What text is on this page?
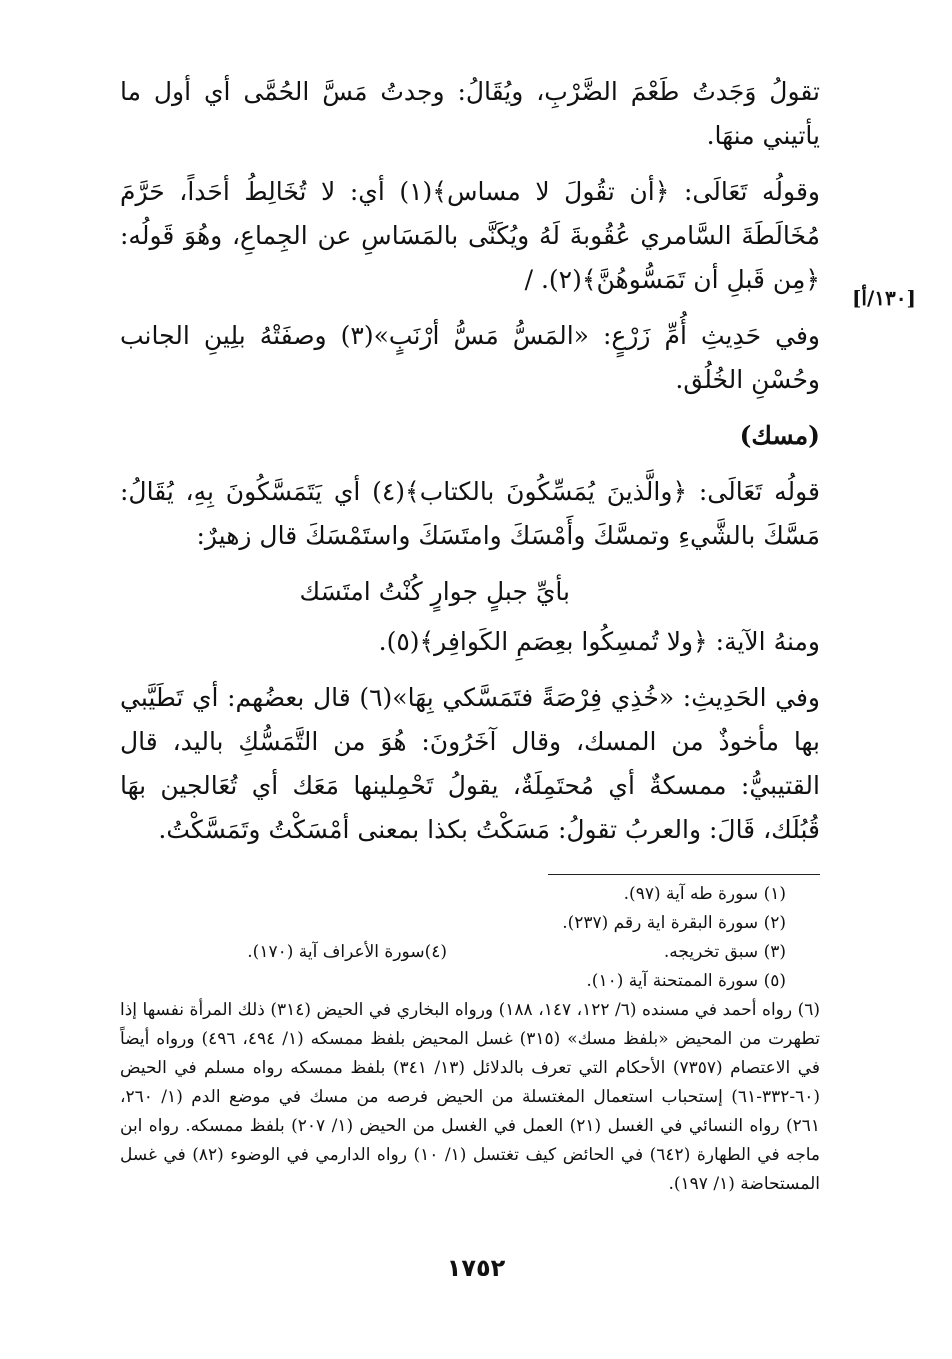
[١٣٠/أ]

تقولُ وَجَدتُ طَعْمَ الضَّرْبِ، ويُقَالُ: وجدتُ مَسَّ الحُمَّى أي أول ما يأتيني منهَا.

وقولُه تَعَالَى: ﴿أن تقُولَ لا مساس﴾(١) أي: لا تُخَالِطُ أحَداً، حَرَّمَ مُخَالَطَةَ السَّامري عُقُوبةَ لَهُ ويُكَنَّى بالمَسَاسِ عن الجِماعِ، وهُوَ قَولُه: ﴿مِن قَبلِ أن تَمَسُّوهُنَّ﴾(٢). /

وفي حَدِيثِ أُمِّ زَرْعٍ: «المَسُّ مَسُّ أرْنَبٍ»(٣) وصفَتْهُ بلِينِ الجانب وحُسْنِ الخُلُق.

(مسك)

قولُه تَعَالَى: ﴿والَّذينَ يُمَسِّكُونَ بالكتاب﴾(٤) أي يَتَمَسَّكُونَ بِهِ، يُقَالُ: مَسَّكَ بالشَّيءِ وتمسَّكَ وأَمْسَكَ وامتَسَكَ واستَمْسَكَ قال زهيرٌ:

بأيِّ جبلٍ جوارٍ كُنْتُ امتَسَك

ومنهُ الآية: ﴿ولا تُمسِكُوا بعِصَمِ الكَوافِر﴾(٥).

وفي الحَدِيثِ: «خُذِي فِرْصَةً فتَمَسَّكي بِهَا»(٦) قال بعضُهم: أي تَطَيَّبي بها مأخوذٌ من المسك، وقال آخَرُونَ: هُوَ من التَّمَسُّكِ باليد، قال القتيبيُّ: ممسكةٌ أي مُحتَمِلَةٌ، يقولُ تَحْمِلينها مَعَك أي تُعَالجين بهَا قُبُلَك، قَالَ: والعربُ تقولُ: مَسَكْتُ بكذا بمعنى أمْسَكْتُ وتَمَسَّكْتُ.

(١) سورة طه آية (٩٧).

(٢) سورة البقرة اية رقم (٢٣٧).

(٣) سبق تخريجه.

(٤)سورة الأعراف آية (١٧٠).

(٥) سورة الممتحنة آية (١٠).

(٦) رواه أحمد في مسنده (٦/ ١٢٢، ١٤٧، ١٨٨) ورواه البخاري في الحيض (٣١٤) ذلك المرأة نفسها إذا تطهرت من المحيض «بلفظ مسك» (٣١٥) غسل المحيض بلفظ ممسكه (١/ ٤٩٤، ٤٩٦) ورواه أيضاً في الاعتصام (٧٣٥٧) الأحكام التي تعرف بالدلائل (١٣/ ٣٤١) بلفظ ممسكه رواه مسلم في الحيض (٦٠-٣٣٢-٦١) إستحباب استعمال المغتسلة من الحيض فرصه من مسك في موضع الدم (١/ ٢٦٠، ٢٦١) رواه النسائي في الغسل (٢١) العمل في الغسل من الحيض (١/ ٢٠٧) بلفظ ممسكه. رواه ابن ماجه في الطهارة (٦٤٢) في الحائض كيف تغتسل (١/ ١٠) رواه الدارمي في الوضوء (٨٢) في غسل المستحاضة (١/ ١٩٧).

١٧٥٢
